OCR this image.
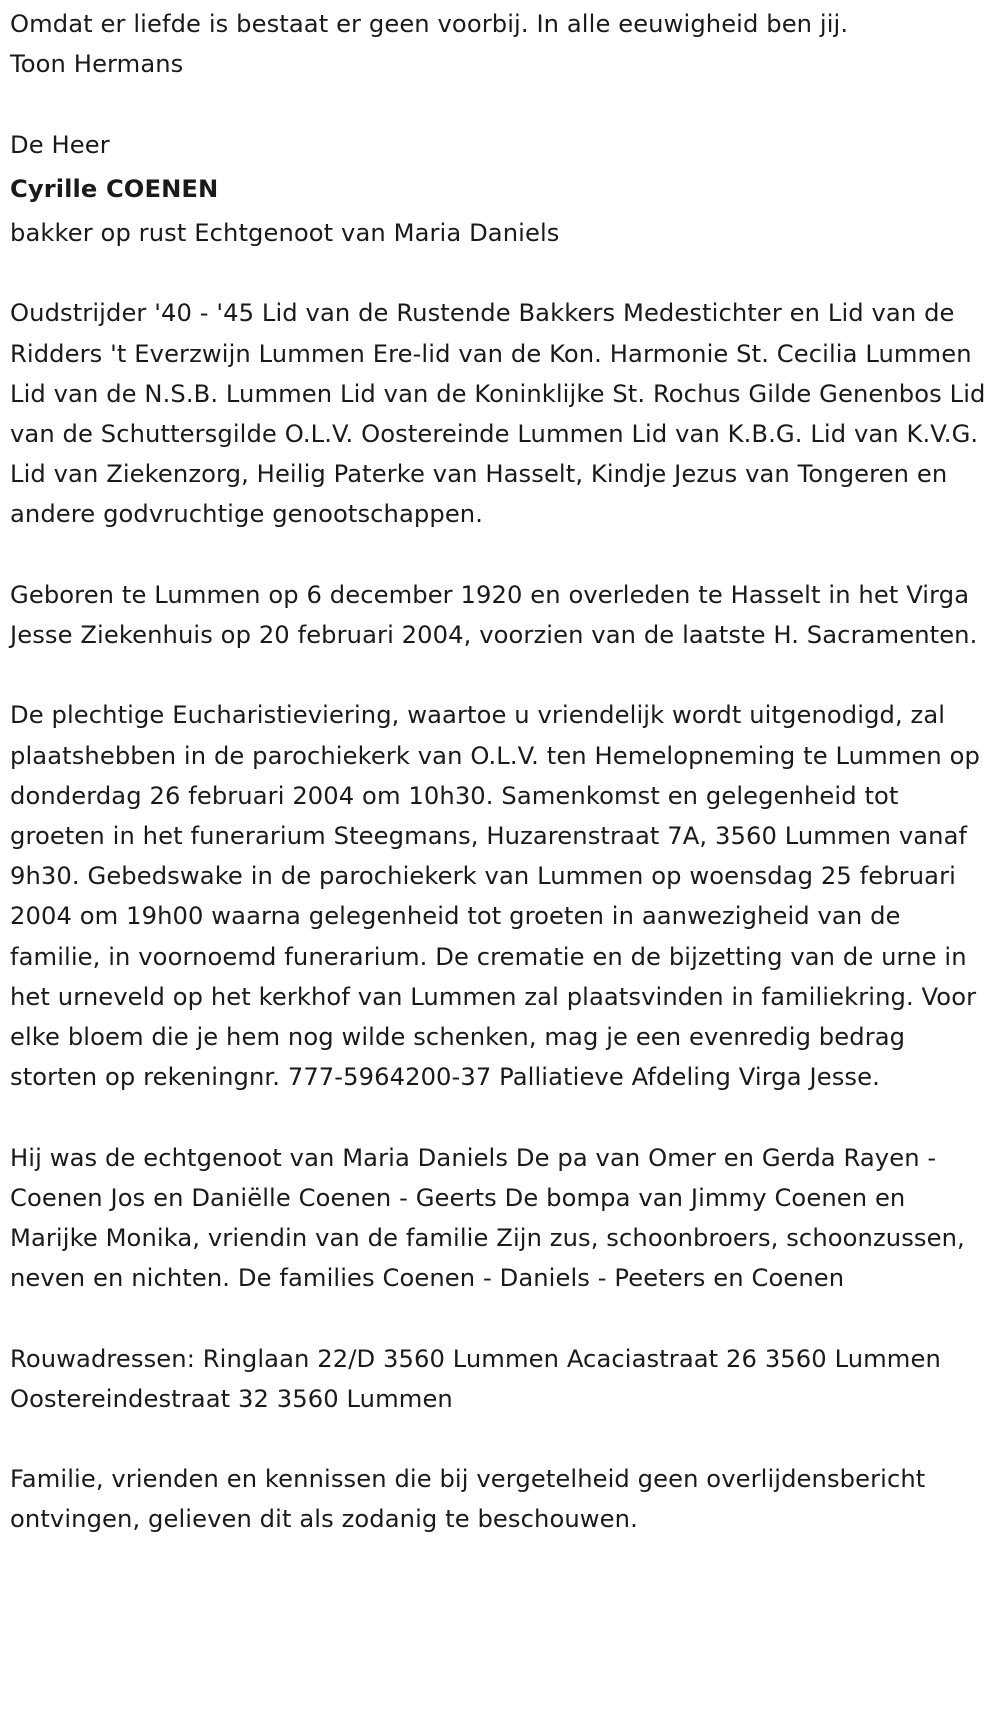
Omdat er liefde is bestaat er geen voorbij. In alle eeuwigheid ben jij.

Toon Hermans

De Heer

Cyrille COENEN

bakker op rust Echtgenoot van Maria Daniels

Oudstrijder '40 - '45 Lid van de Rustende Bakkers Medestichter en Lid van de Ridders 't Everzwijn Lummen Ere-lid van de Kon. Harmonie St. Cecilia Lummen Lid van de N.S.B. Lummen Lid van de Koninklijke St. Rochus Gilde Genenbos Lid van de Schuttersgilde O.L.V. Oostereinde Lummen Lid van K.B.G. Lid van K.V.G. Lid van Ziekenzorg, Heilig Paterke van Hasselt, Kindje Jezus van Tongeren en andere godvruchtige genootschappen.

Geboren te Lummen op 6 december 1920 en overleden te Hasselt in het Virga Jesse Ziekenhuis op 20 februari 2004, voorzien van de laatste H. Sacramenten.

De plechtige Eucharistieviering, waartoe u vriendelijk wordt uitgenodigd, zal plaatshebben in de parochiekerk van O.L.V. ten Hemelopneming te Lummen op donderdag 26 februari 2004 om 10h30. Samenkomst en gelegenheid tot groeten in het funerarium Steegmans, Huzarenstraat 7A, 3560 Lummen vanaf 9h30. Gebedswake in de parochiekerk van Lummen op woensdag 25 februari 2004 om 19h00 waarna gelegenheid tot groeten in aanwezigheid van de familie, in voornoemd funerarium. De crematie en de bijzetting van de urne in het urneveld op het kerkhof van Lummen zal plaatsvinden in familiekring. Voor elke bloem die je hem nog wilde schenken, mag je een evenredig bedrag storten op rekeningnr. 777-5964200-37 Palliatieve Afdeling Virga Jesse.

Hij was de echtgenoot van Maria Daniels De pa van Omer en Gerda Rayen - Coenen Jos en Daniëlle Coenen - Geerts De bompa van Jimmy Coenen en Marijke Monika, vriendin van de familie Zijn zus, schoonbroers, schoonzussen, neven en nichten. De families Coenen - Daniels - Peeters en Coenen

Rouwadressen: Ringlaan 22/D 3560 Lummen Acaciastraat 26 3560 Lummen Oostereindestraat 32 3560 Lummen

Familie, vrienden en kennissen die bij vergetelheid geen overlijdensbericht ontvingen, gelieven dit als zodanig te beschouwen.
